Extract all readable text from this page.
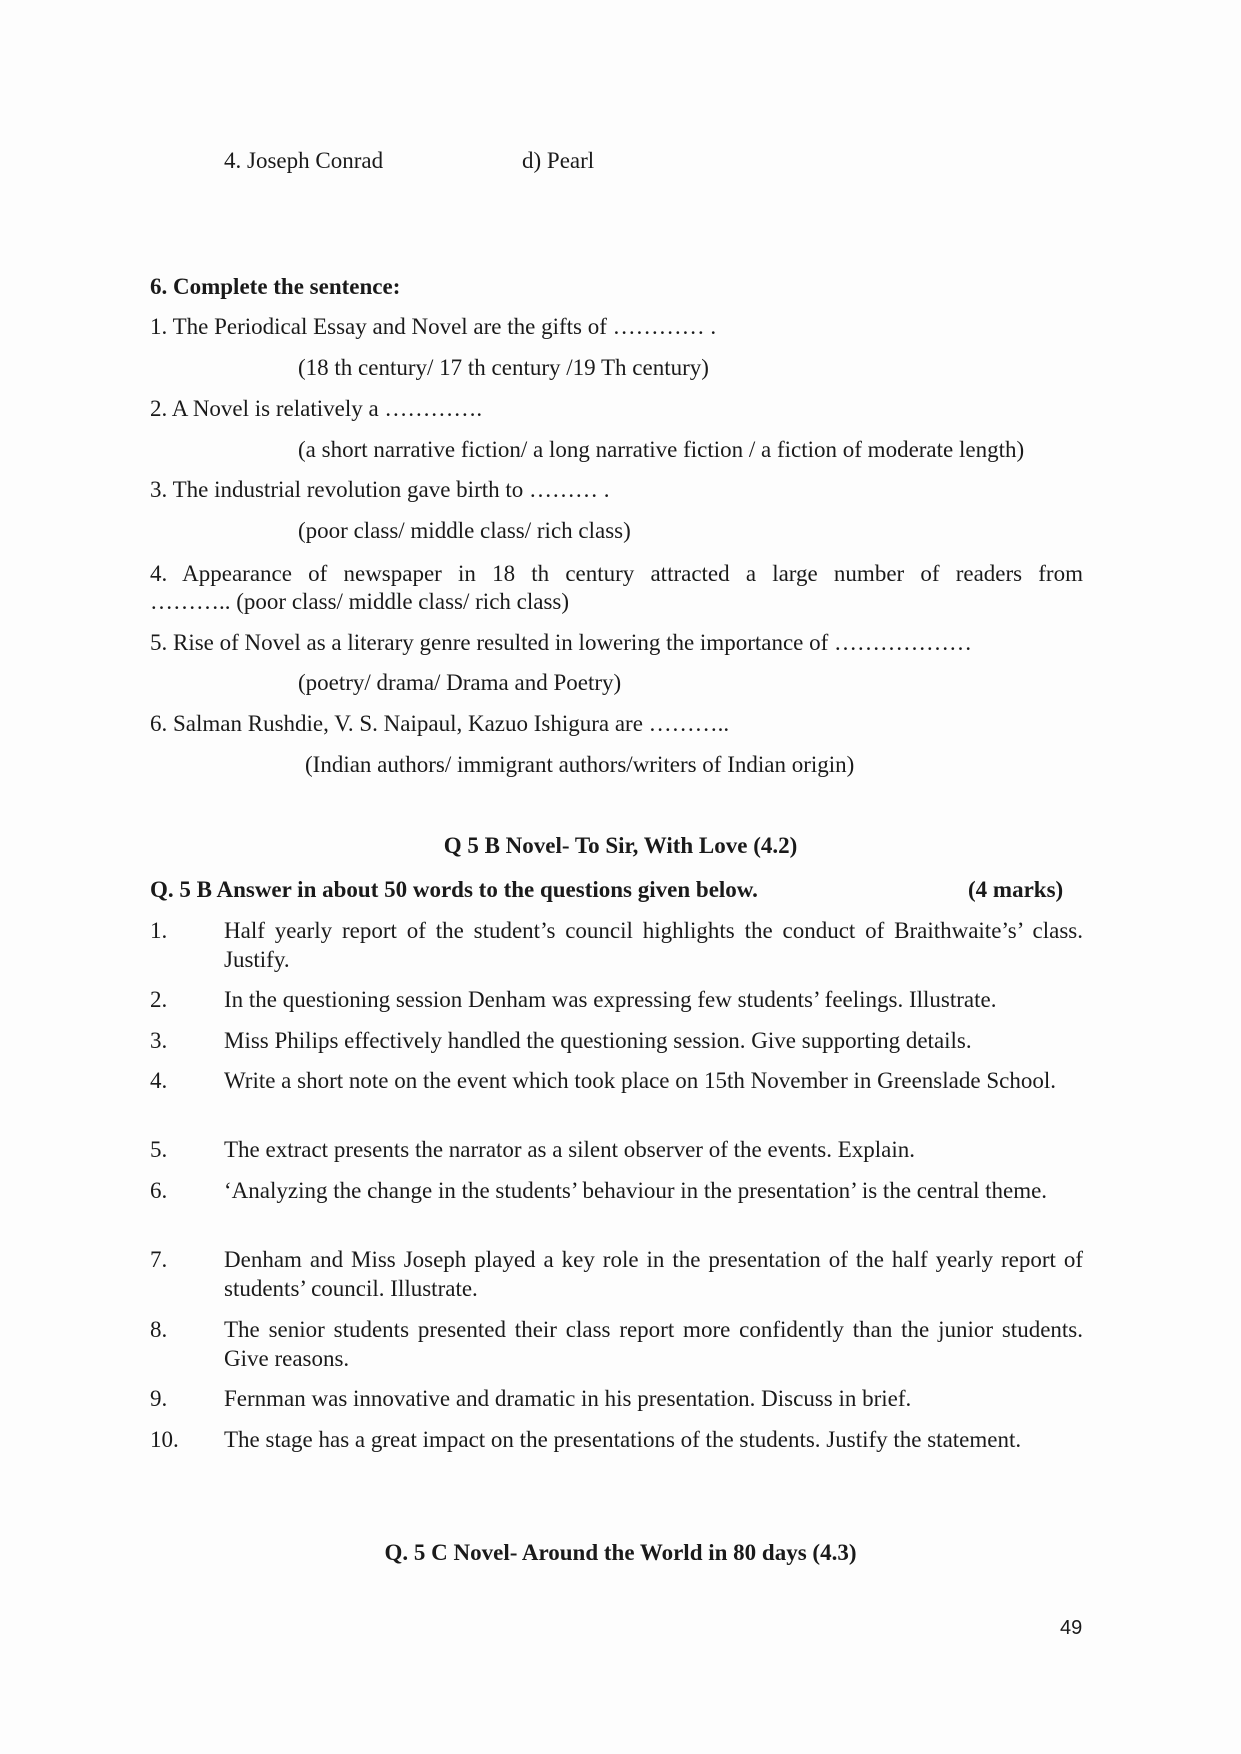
4. Joseph Conrad	d) Pearl
6. Complete the sentence:
1. The Periodical Essay and Novel are the gifts of ………… .
(18 th century/ 17 th century /19 Th century)
2. A Novel is relatively a ………….
(a short narrative fiction/ a long narrative fiction / a fiction of moderate length)
3. The industrial revolution gave birth to ……… .
(poor class/ middle class/ rich class)
4. Appearance of newspaper in 18 th century attracted a large number of readers from
……….. (poor class/ middle class/ rich class)
5. Rise of Novel as a literary genre resulted in lowering the importance of ………………
(poetry/ drama/ Drama and Poetry)
6. Salman Rushdie, V. S. Naipaul, Kazuo Ishigura are ………..
(Indian authors/ immigrant authors/writers of Indian origin)
Q 5 B Novel- To Sir, With Love (4.2)
Q. 5 B Answer in about 50 words to the questions given below.	(4 marks)
1. Half yearly report of the student’s council highlights the conduct of Braithwaite’s’ class. Justify.
2. In the questioning session Denham was expressing few students’ feelings. Illustrate.
3. Miss Philips effectively handled the questioning session. Give supporting details.
4. Write a short note on the event which took place on 15th November in Greenslade School.
5. The extract presents the narrator as a silent observer of the events. Explain.
6. ‘Analyzing the change in the students’ behaviour in the presentation’ is the central theme.
7. Denham and Miss Joseph played a key role in the presentation of the half yearly report of students’ council. Illustrate.
8. The senior students presented their class report more confidently than the junior students. Give reasons.
9. Fernman was innovative and dramatic in his presentation. Discuss in brief.
10. The stage has a great impact on the presentations of the students. Justify the statement.
Q. 5 C Novel- Around the World in 80 days (4.3)
49
